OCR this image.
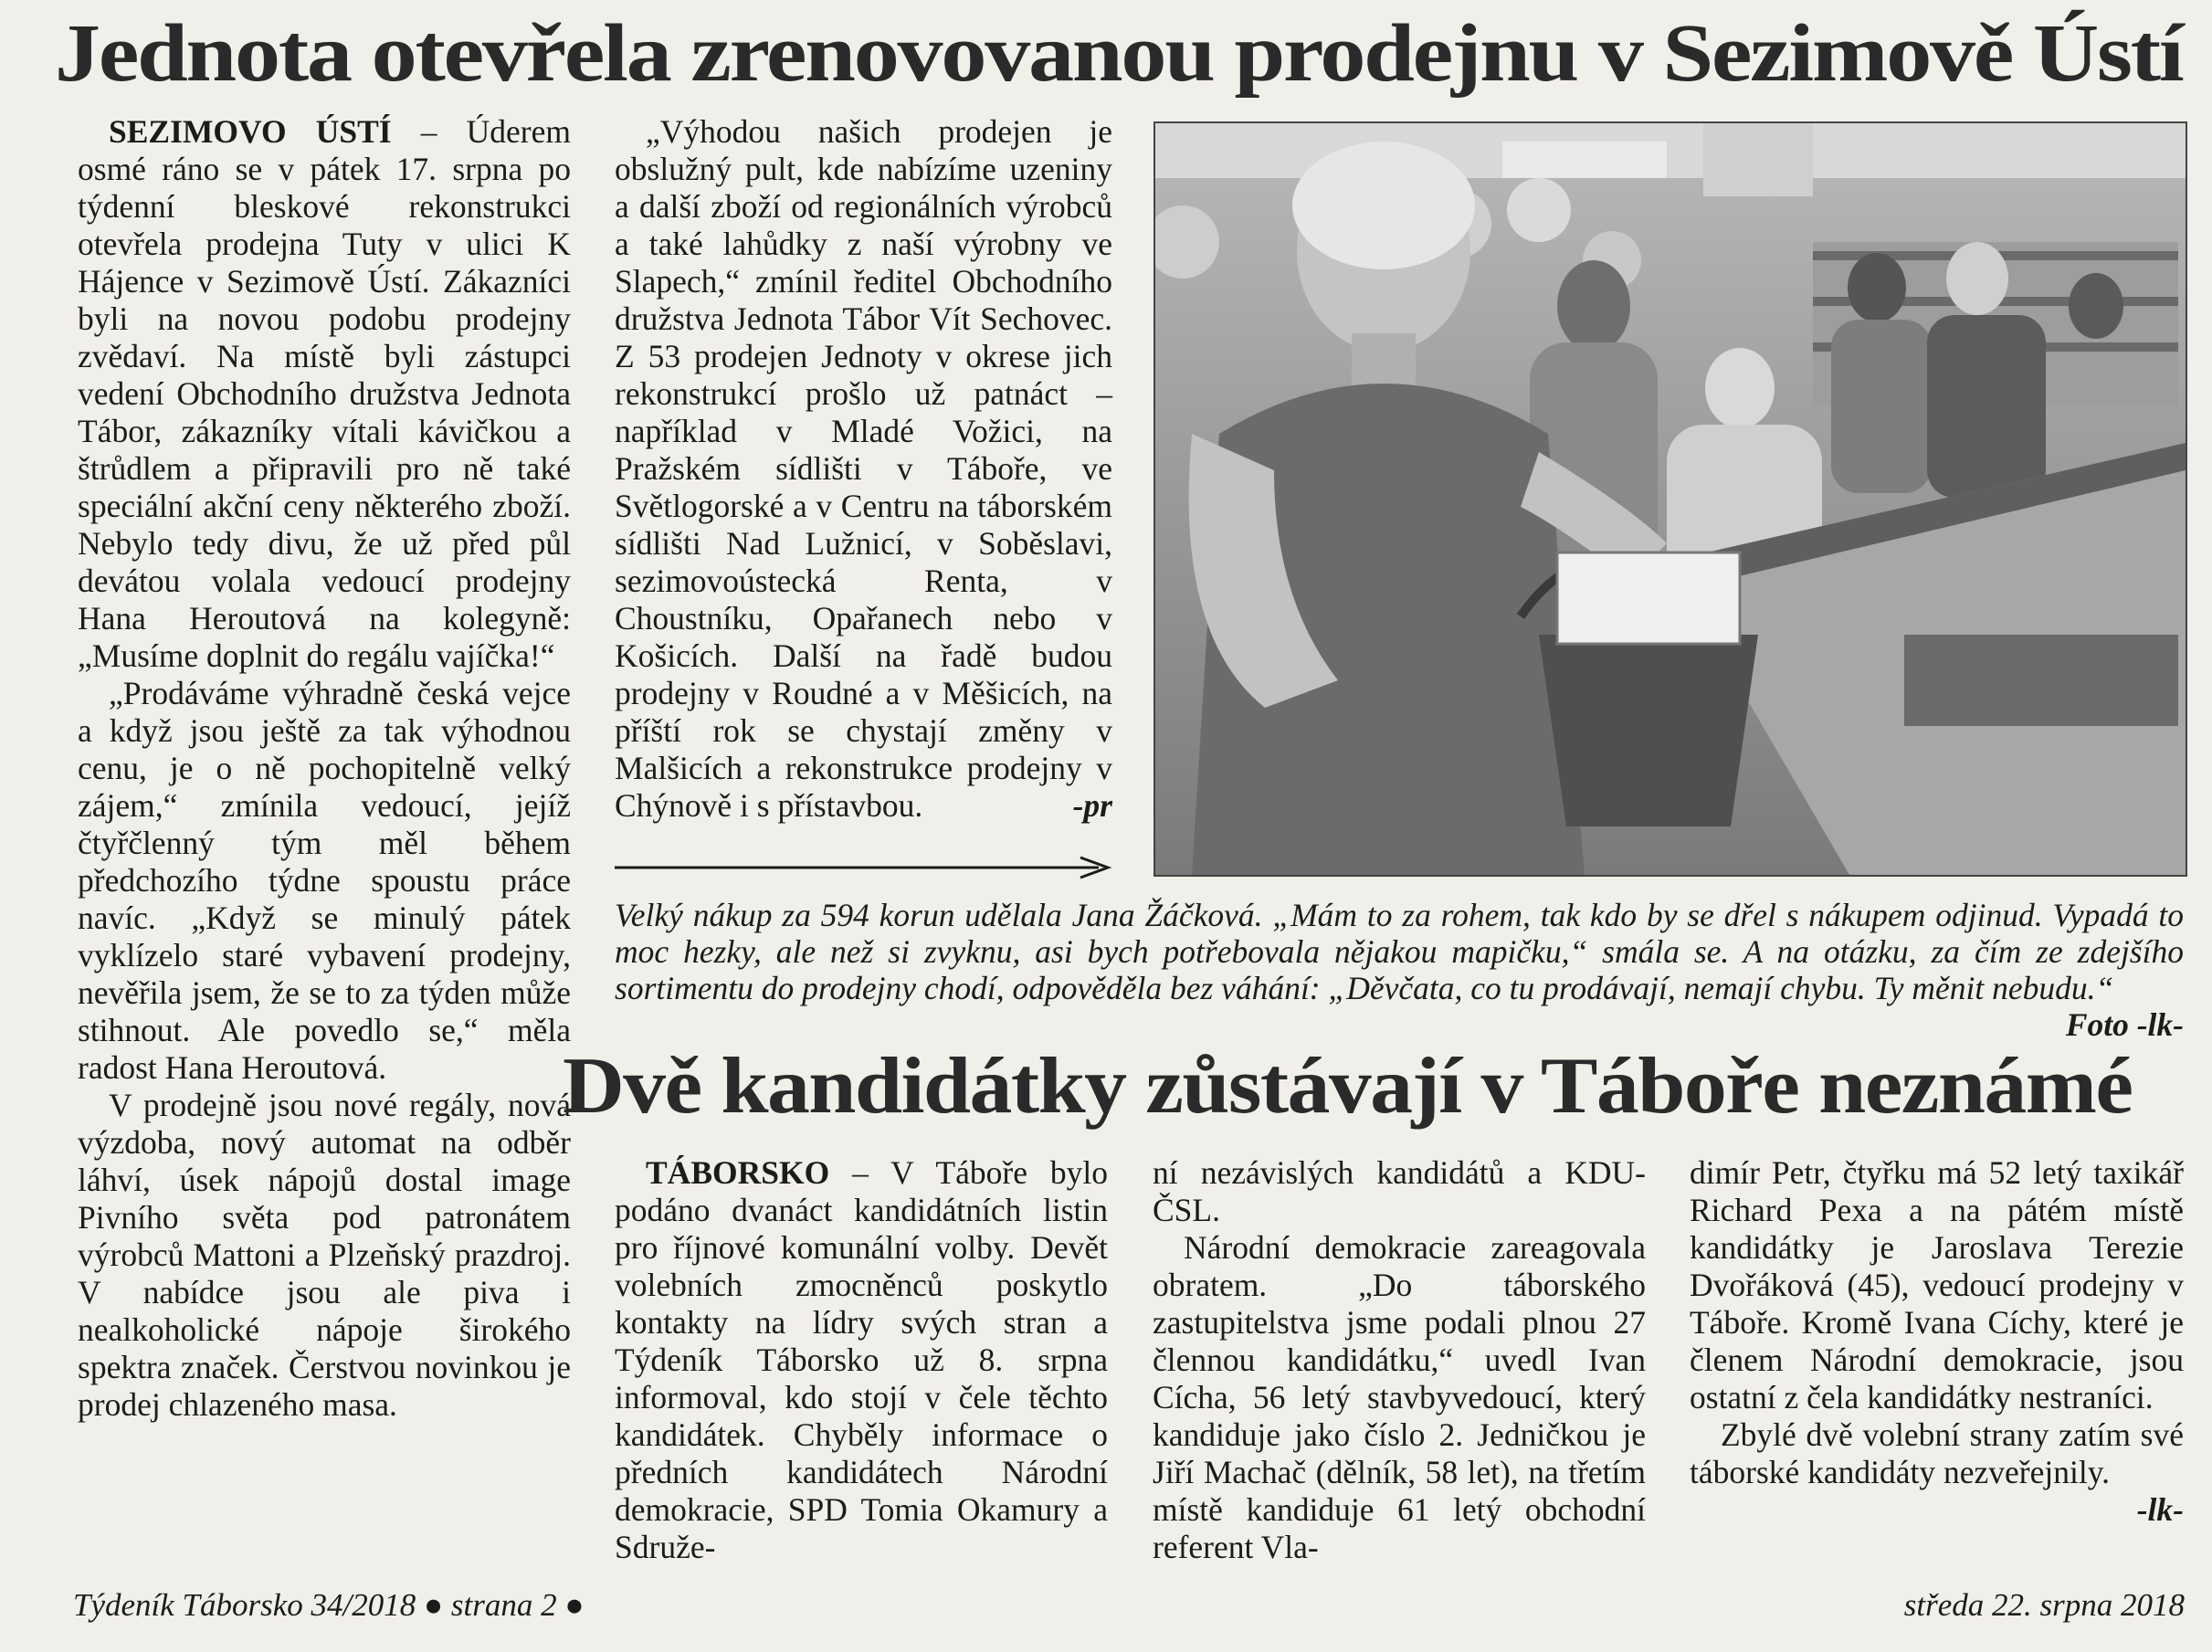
Jednota otevřela zrenovovanou prodejnu v Sezimově Ústí

SEZIMOVO ÚSTÍ – Úderem osmé ráno se v pátek 17. srpna po týdenní bleskové rekonstrukci otevřela prodejna Tuty v ulici K Hájence v Sezimově Ústí. Zákazníci byli na novou podobu prodejny zvědaví. Na místě byli zástupci vedení Obchodního družstva Jednota Tábor, zákazníky vítali kávičkou a štrůdlem a připravili pro ně také speciální akční ceny některého zboží. Nebylo tedy divu, že už před půl devátou volala vedoucí prodejny Hana Heroutová na kolegyně: „Musíme doplnit do regálu vajíčka!“

„Prodáváme výhradně česká vejce a když jsou ještě za tak výhodnou cenu, je o ně pochopitelně velký zájem,“ zmínila vedoucí, jejíž čtyřčlenný tým měl během předchozího týdne spoustu práce navíc. „Když se minulý pátek vyklízelo staré vybavení prodejny, nevěřila jsem, že se to za týden může stihnout. Ale povedlo se,“ měla radost Hana Heroutová.

V prodejně jsou nové regály, nová výzdoba, nový automat na odběr láhví, úsek nápojů dostal image Pivního světa pod patronátem výrobců Mattoni a Plzeňský prazdroj. V nabídce jsou ale piva i nealkoholické nápoje širokého spektra značek. Čerstvou novinkou je prodej chlazeného masa.

„Výhodou našich prodejen je obslužný pult, kde nabízíme uzeniny a další zboží od regionálních výrobců a také lahůdky z naší výrobny ve Slapech,“ zmínil ředitel Obchodního družstva Jednota Tábor Vít Sechovec. Z 53 prodejen Jednoty v okrese jich rekonstrukcí prošlo už patnáct – například v Mladé Vožici, na Pražském sídlišti v Táboře, ve Světlogorské a v Centru na táborském sídlišti Nad Lužnicí, v Soběslavi, sezimovoústecká Renta, v Choustníku, Opařanech nebo v Košicích. Další na řadě budou prodejny v Roudné a v Měšicích, na příští rok se chystají změny v Malšicích a rekonstrukce prodejny v Chýnově i s přístavbou.	-pr

Velký nákup za 594 korun udělala Jana Žáčková. „Mám to za rohem, tak kdo by se dřel s nákupem odjinud. Vypadá to moc hezky, ale než si zvyknu, asi bych potřebovala nějakou mapičku,“ smála se. A na otázku, za čím ze zdejšího sortimentu do prodejny chodí, odpověděla bez váhání: „Děvčata, co tu prodávají, nemají chybu. Ty měnit nebudu.“
Foto -lk-
Dvě kandidátky zůstávají v Táboře neznámé

TÁBORSKO – V Táboře bylo podáno dvanáct kandidátních listin pro říjnové komunální volby. Devět volebních zmocněnců poskytlo kontakty na lídry svých stran a Týdeník Táborsko už 8. srpna informoval, kdo stojí v čele těchto kandidátek. Chyběly informace o předních kandidátech Národní demokracie, SPD Tomia Okamury a Sdruže-

ní nezávislých kandidátů a KDU-ČSL.

Národní demokracie zareagovala obratem. „Do táborského zastupitelstva jsme podali plnou 27 člennou kandidátku,“ uvedl Ivan Cícha, 56 letý stavbyvedoucí, který kandiduje jako číslo 2. Jedničkou je Jiří Machač (dělník, 58 let), na třetím místě kandiduje 61 letý obchodní referent Vla-

dimír Petr, čtyřku má 52 letý taxikář Richard Pexa a na pátém místě kandidátky je Jaroslava Terezie Dvořáková (45), vedoucí prodejny v Táboře. Kromě Ivana Cíchy, které je členem Národní demokracie, jsou ostatní z čela kandidátky nestraníci.

Zbylé dvě volební strany zatím své táborské kandidáty nezveřejnily.
-lk-

Týdeník Táborsko 34/2018 ● strana 2 ●	středa 22. srpna 2018
